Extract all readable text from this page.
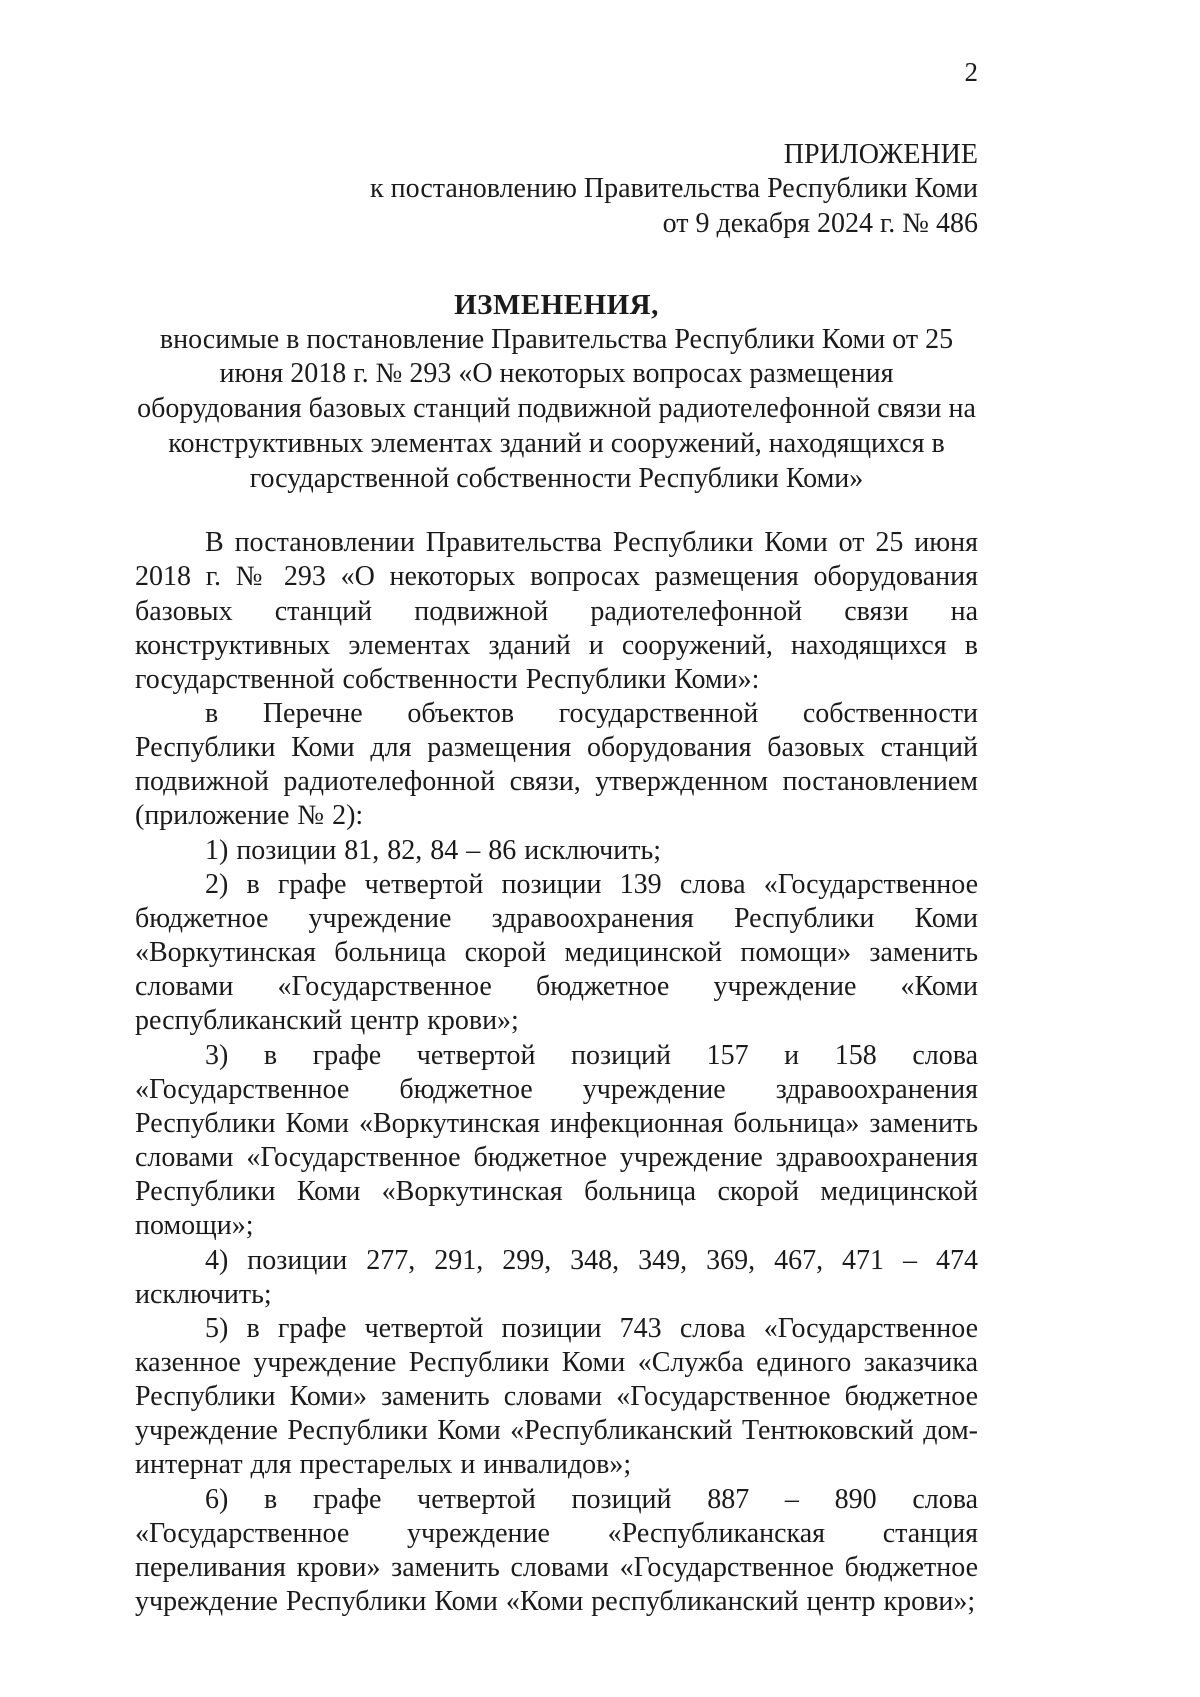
2
ПРИЛОЖЕНИЕ
к постановлению Правительства Республики Коми
от 9 декабря 2024 г. № 486
ИЗМЕНЕНИЯ,
вносимые в постановление Правительства Республики Коми от 25 июня 2018 г. № 293 «О некоторых вопросах размещения оборудования базовых станций подвижной радиотелефонной связи на конструктивных элементах зданий и сооружений, находящихся в государственной собственности Республики Коми»

В постановлении Правительства Республики Коми от 25 июня 2018 г. № 293 «О некоторых вопросах размещения оборудования базовых станций подвижной радиотелефонной связи на конструктивных элементах зданий и сооружений, находящихся в государственной собственности Республики Коми»:

в Перечне объектов государственной собственности Республики Коми для размещения оборудования базовых станций подвижной радиотелефонной связи, утвержденном постановлением (приложение № 2):

1) позиции 81, 82, 84 – 86 исключить;

2) в графе четвертой позиции 139 слова «Государственное бюджетное учреждение здравоохранения Республики Коми «Воркутинская больница скорой медицинской помощи» заменить словами «Государственное бюджетное учреждение «Коми республиканский центр крови»;

3) в графе четвертой позиций 157 и 158 слова «Государственное бюджетное учреждение здравоохранения Республики Коми «Воркутинская инфекционная больница» заменить словами «Государственное бюджетное учреждение здравоохранения Республики Коми «Воркутинская больница скорой медицинской помощи»;

4) позиции 277, 291, 299, 348, 349, 369, 467, 471 – 474 исключить;

5) в графе четвертой позиции 743 слова «Государственное казенное учреждение Республики Коми «Служба единого заказчика Республики Коми» заменить словами «Государственное бюджетное учреждение Республики Коми «Республиканский Тентюковский дом-интернат для престарелых и инвалидов»;

6) в графе четвертой позиций 887 – 890 слова «Государственное учреждение «Республиканская станция переливания крови» заменить словами «Государственное бюджетное учреждение Республики Коми «Коми республиканский центр крови»;
